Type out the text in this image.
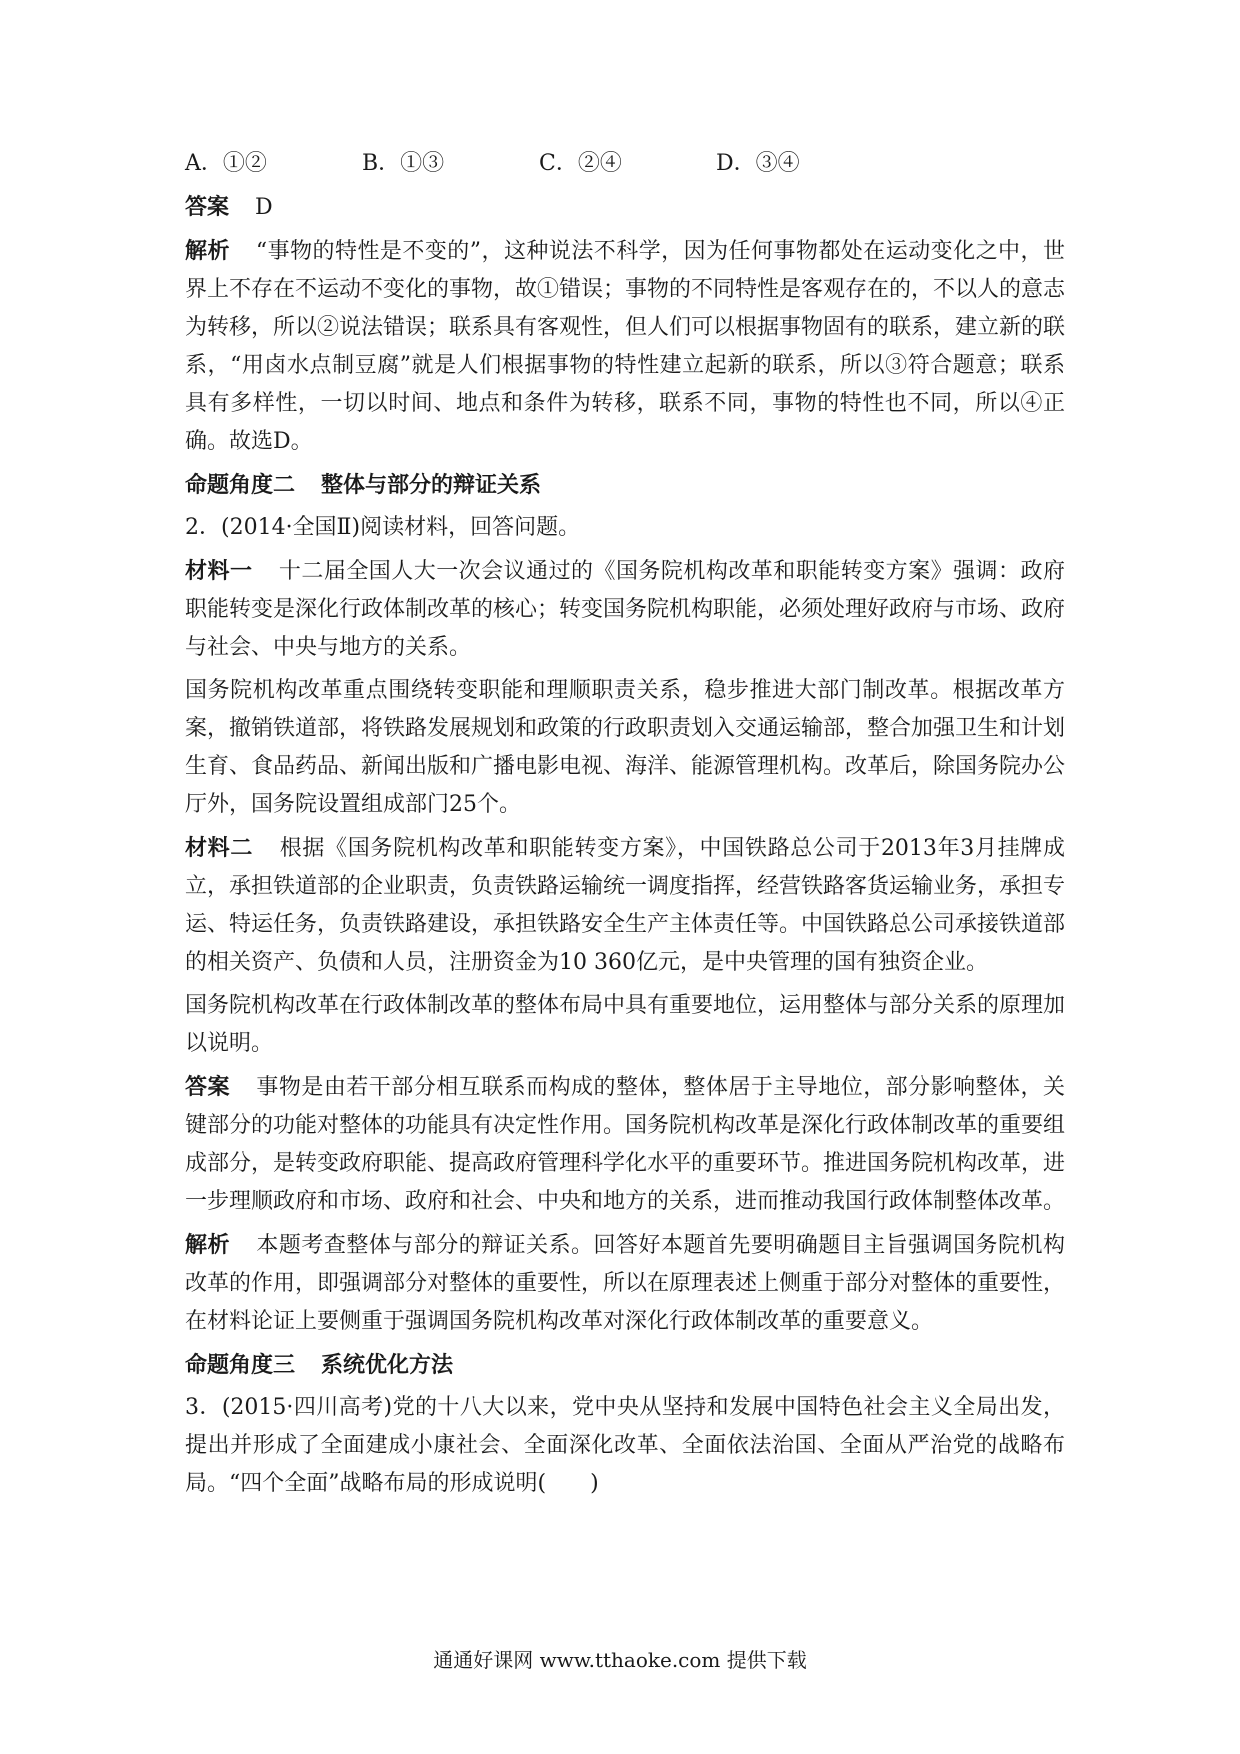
A．①②	B．①③	C．②④	D．③④

答案 D

解析 “事物的特性是不变的”，这种说法不科学，因为任何事物都处在运动变化之中，世界上不存在不运动不变化的事物，故①错误；事物的不同特性是客观存在的，不以人的意志为转移，所以②说法错误；联系具有客观性，但人们可以根据事物固有的联系，建立新的联系，“用卤水点制豆腐”就是人们根据事物的特性建立起新的联系，所以③符合题意；联系具有多样性，一切以时间、地点和条件为转移，联系不同，事物的特性也不同，所以④正确。故选D。

命题角度二 整体与部分的辩证关系

2．(2014·全国Ⅱ)阅读材料，回答问题。

材料一 十二届全国人大一次会议通过的《国务院机构改革和职能转变方案》强调：政府职能转变是深化行政体制改革的核心；转变国务院机构职能，必须处理好政府与市场、政府与社会、中央与地方的关系。

国务院机构改革重点围绕转变职能和理顺职责关系，稳步推进大部门制改革。根据改革方案，撤销铁道部，将铁路发展规划和政策的行政职责划入交通运输部，整合加强卫生和计划生育、食品药品、新闻出版和广播电影电视、海洋、能源管理机构。改革后，除国务院办公厅外，国务院设置组成部门25个。

材料二 根据《国务院机构改革和职能转变方案》，中国铁路总公司于2013年3月挂牌成立，承担铁道部的企业职责，负责铁路运输统一调度指挥，经营铁路客货运输业务，承担专运、特运任务，负责铁路建设，承担铁路安全生产主体责任等。中国铁路总公司承接铁道部的相关资产、负债和人员，注册资金为10 360亿元，是中央管理的国有独资企业。

国务院机构改革在行政体制改革的整体布局中具有重要地位，运用整体与部分关系的原理加以说明。

答案 事物是由若干部分相互联系而构成的整体，整体居于主导地位，部分影响整体，关键部分的功能对整体的功能具有决定性作用。国务院机构改革是深化行政体制改革的重要组成部分，是转变政府职能、提高政府管理科学化水平的重要环节。推进国务院机构改革，进一步理顺政府和市场、政府和社会、中央和地方的关系，进而推动我国行政体制整体改革。

解析 本题考查整体与部分的辩证关系。回答好本题首先要明确题目主旨强调国务院机构改革的作用，即强调部分对整体的重要性，所以在原理表述上侧重于部分对整体的重要性，在材料论证上要侧重于强调国务院机构改革对深化行政体制改革的重要意义。

命题角度三 系统优化方法

3．(2015·四川高考)党的十八大以来，党中央从坚持和发展中国特色社会主义全局出发，提出并形成了全面建成小康社会、全面深化改革、全面依法治国、全面从严治党的战略布局。“四个全面”战略布局的形成说明(　　)

通通好课网 www.tthaoke.com 提供下载
